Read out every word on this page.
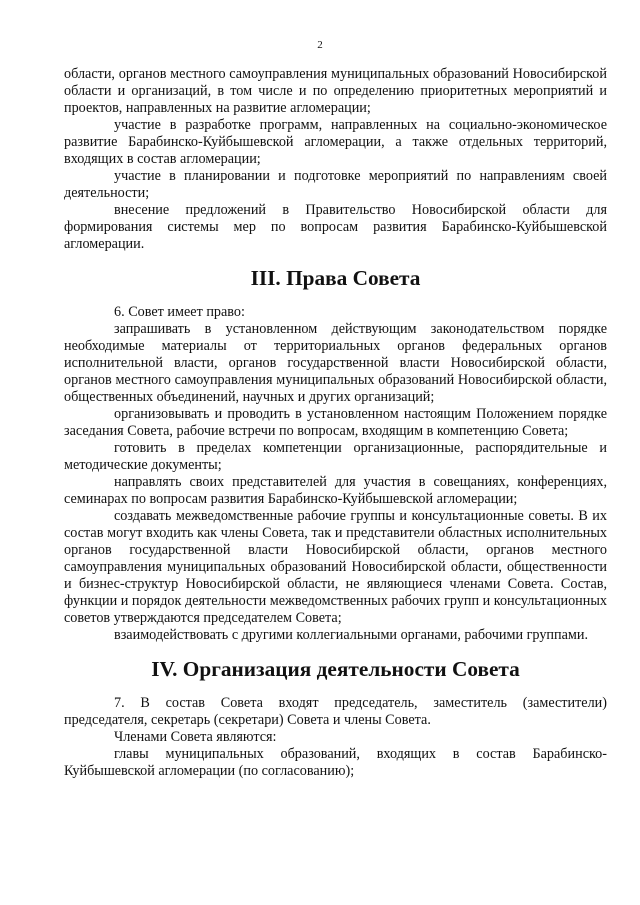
2

области, органов местного самоуправления муниципальных образований Новосибирской области и организаций, в том числе и по определению приоритетных мероприятий и проектов, направленных на развитие агломерации;

участие в разработке программ, направленных на социально-экономическое развитие Барабинско-Куйбышевской агломерации, а также отдельных территорий, входящих в состав агломерации;

участие в планировании и подготовке мероприятий по направлениям своей деятельности;

внесение предложений в Правительство Новосибирской области для формирования системы мер по вопросам развития Барабинско-Куйбышевской агломерации.

III. Права Совета

6. Совет имеет право:

запрашивать в установленном действующим законодательством порядке необходимые материалы от территориальных органов федеральных органов исполнительной власти, органов государственной власти Новосибирской области, органов местного самоуправления муниципальных образований Новосибирской области, общественных объединений, научных и других организаций;

организовывать и проводить в установленном настоящим Положением порядке заседания Совета, рабочие встречи по вопросам, входящим в компетенцию Совета;

готовить в пределах компетенции организационные, распорядительные и методические документы;

направлять своих представителей для участия в совещаниях, конференциях, семинарах по вопросам развития Барабинско-Куйбышевской агломерации;

создавать межведомственные рабочие группы и консультационные советы. В их состав могут входить как члены Совета, так и представители областных исполнительных органов государственной власти Новосибирской области, органов местного самоуправления муниципальных образований Новосибирской области, общественности и бизнес-структур Новосибирской области, не являющиеся членами Совета. Состав, функции и порядок деятельности межведомственных рабочих групп и консультационных советов утверждаются председателем Совета;

взаимодействовать с другими коллегиальными органами, рабочими группами.

IV. Организация деятельности Совета

7. В состав Совета входят председатель, заместитель (заместители) председателя, секретарь (секретари) Совета и члены Совета.

Членами Совета являются:

главы муниципальных образований, входящих в состав Барабинско-Куйбышевской агломерации (по согласованию);
